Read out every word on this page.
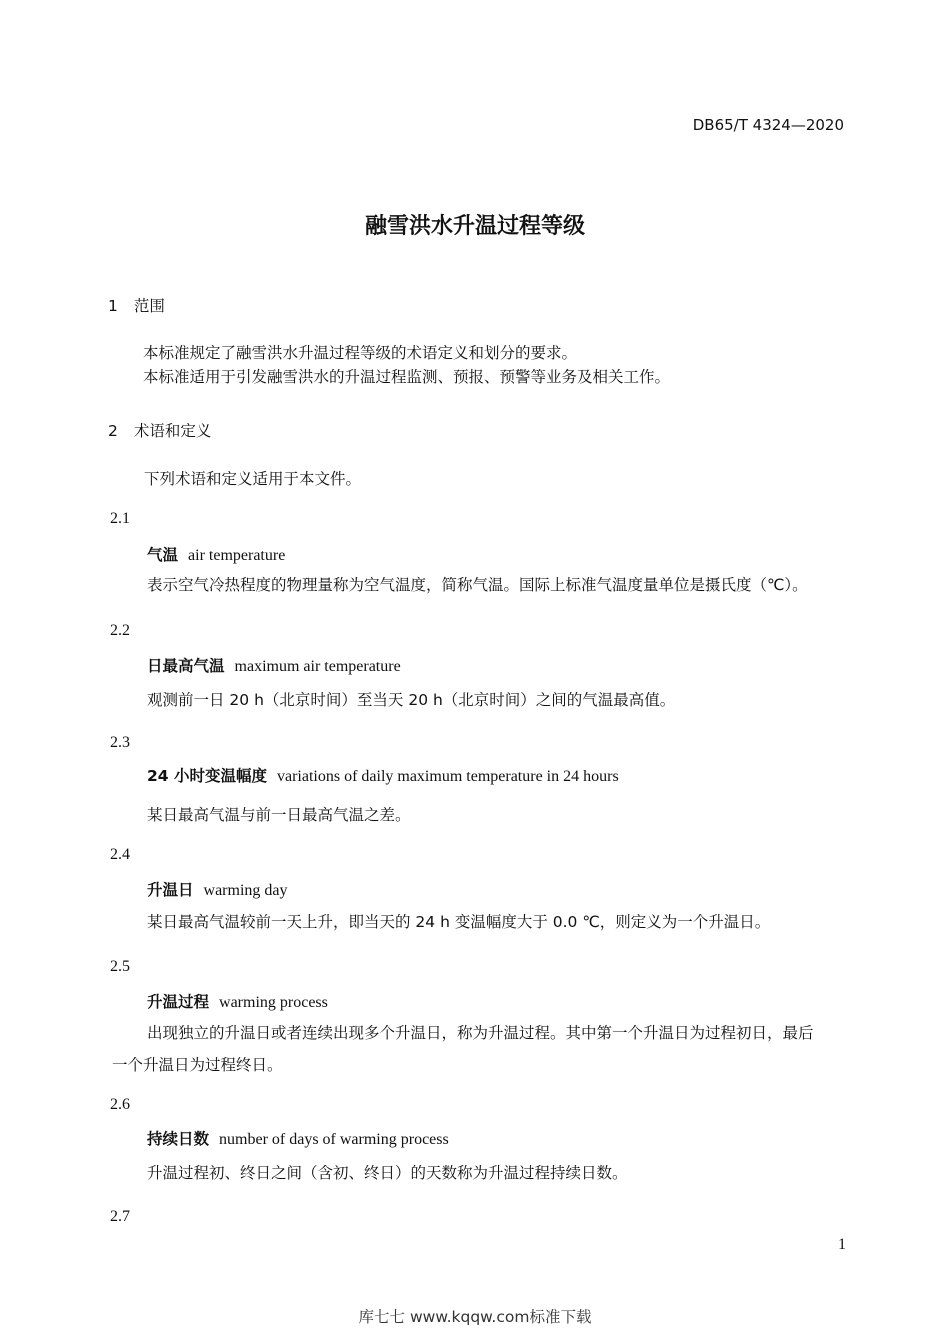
DB65/T 4324—2020
融雪洪水升温过程等级
1 范围
本标准规定了融雪洪水升温过程等级的术语定义和划分的要求。
本标准适用于引发融雪洪水的升温过程监测、预报、预警等业务及相关工作。
2 术语和定义
下列术语和定义适用于本文件。
2.1
气温 air temperature
表示空气冷热程度的物理量称为空气温度，简称气温。国际上标准气温度量单位是摄氏度（℃）。
2.2
日最高气温 maximum air temperature
观测前一日 20 h（北京时间）至当天 20 h（北京时间）之间的气温最高值。
2.3
24 小时变温幅度 variations of daily maximum temperature in 24 hours
某日最高气温与前一日最高气温之差。
2.4
升温日 warming day
某日最高气温较前一天上升，即当天的 24 h 变温幅度大于 0.0 ℃，则定义为一个升温日。
2.5
升温过程 warming process
出现独立的升温日或者连续出现多个升温日，称为升温过程。其中第一个升温日为过程初日，最后
一个升温日为过程终日。
2.6
持续日数 number of days of warming process
升温过程初、终日之间（含初、终日）的天数称为升温过程持续日数。
2.7
1
库七七 www.kqqw.com标准下载
